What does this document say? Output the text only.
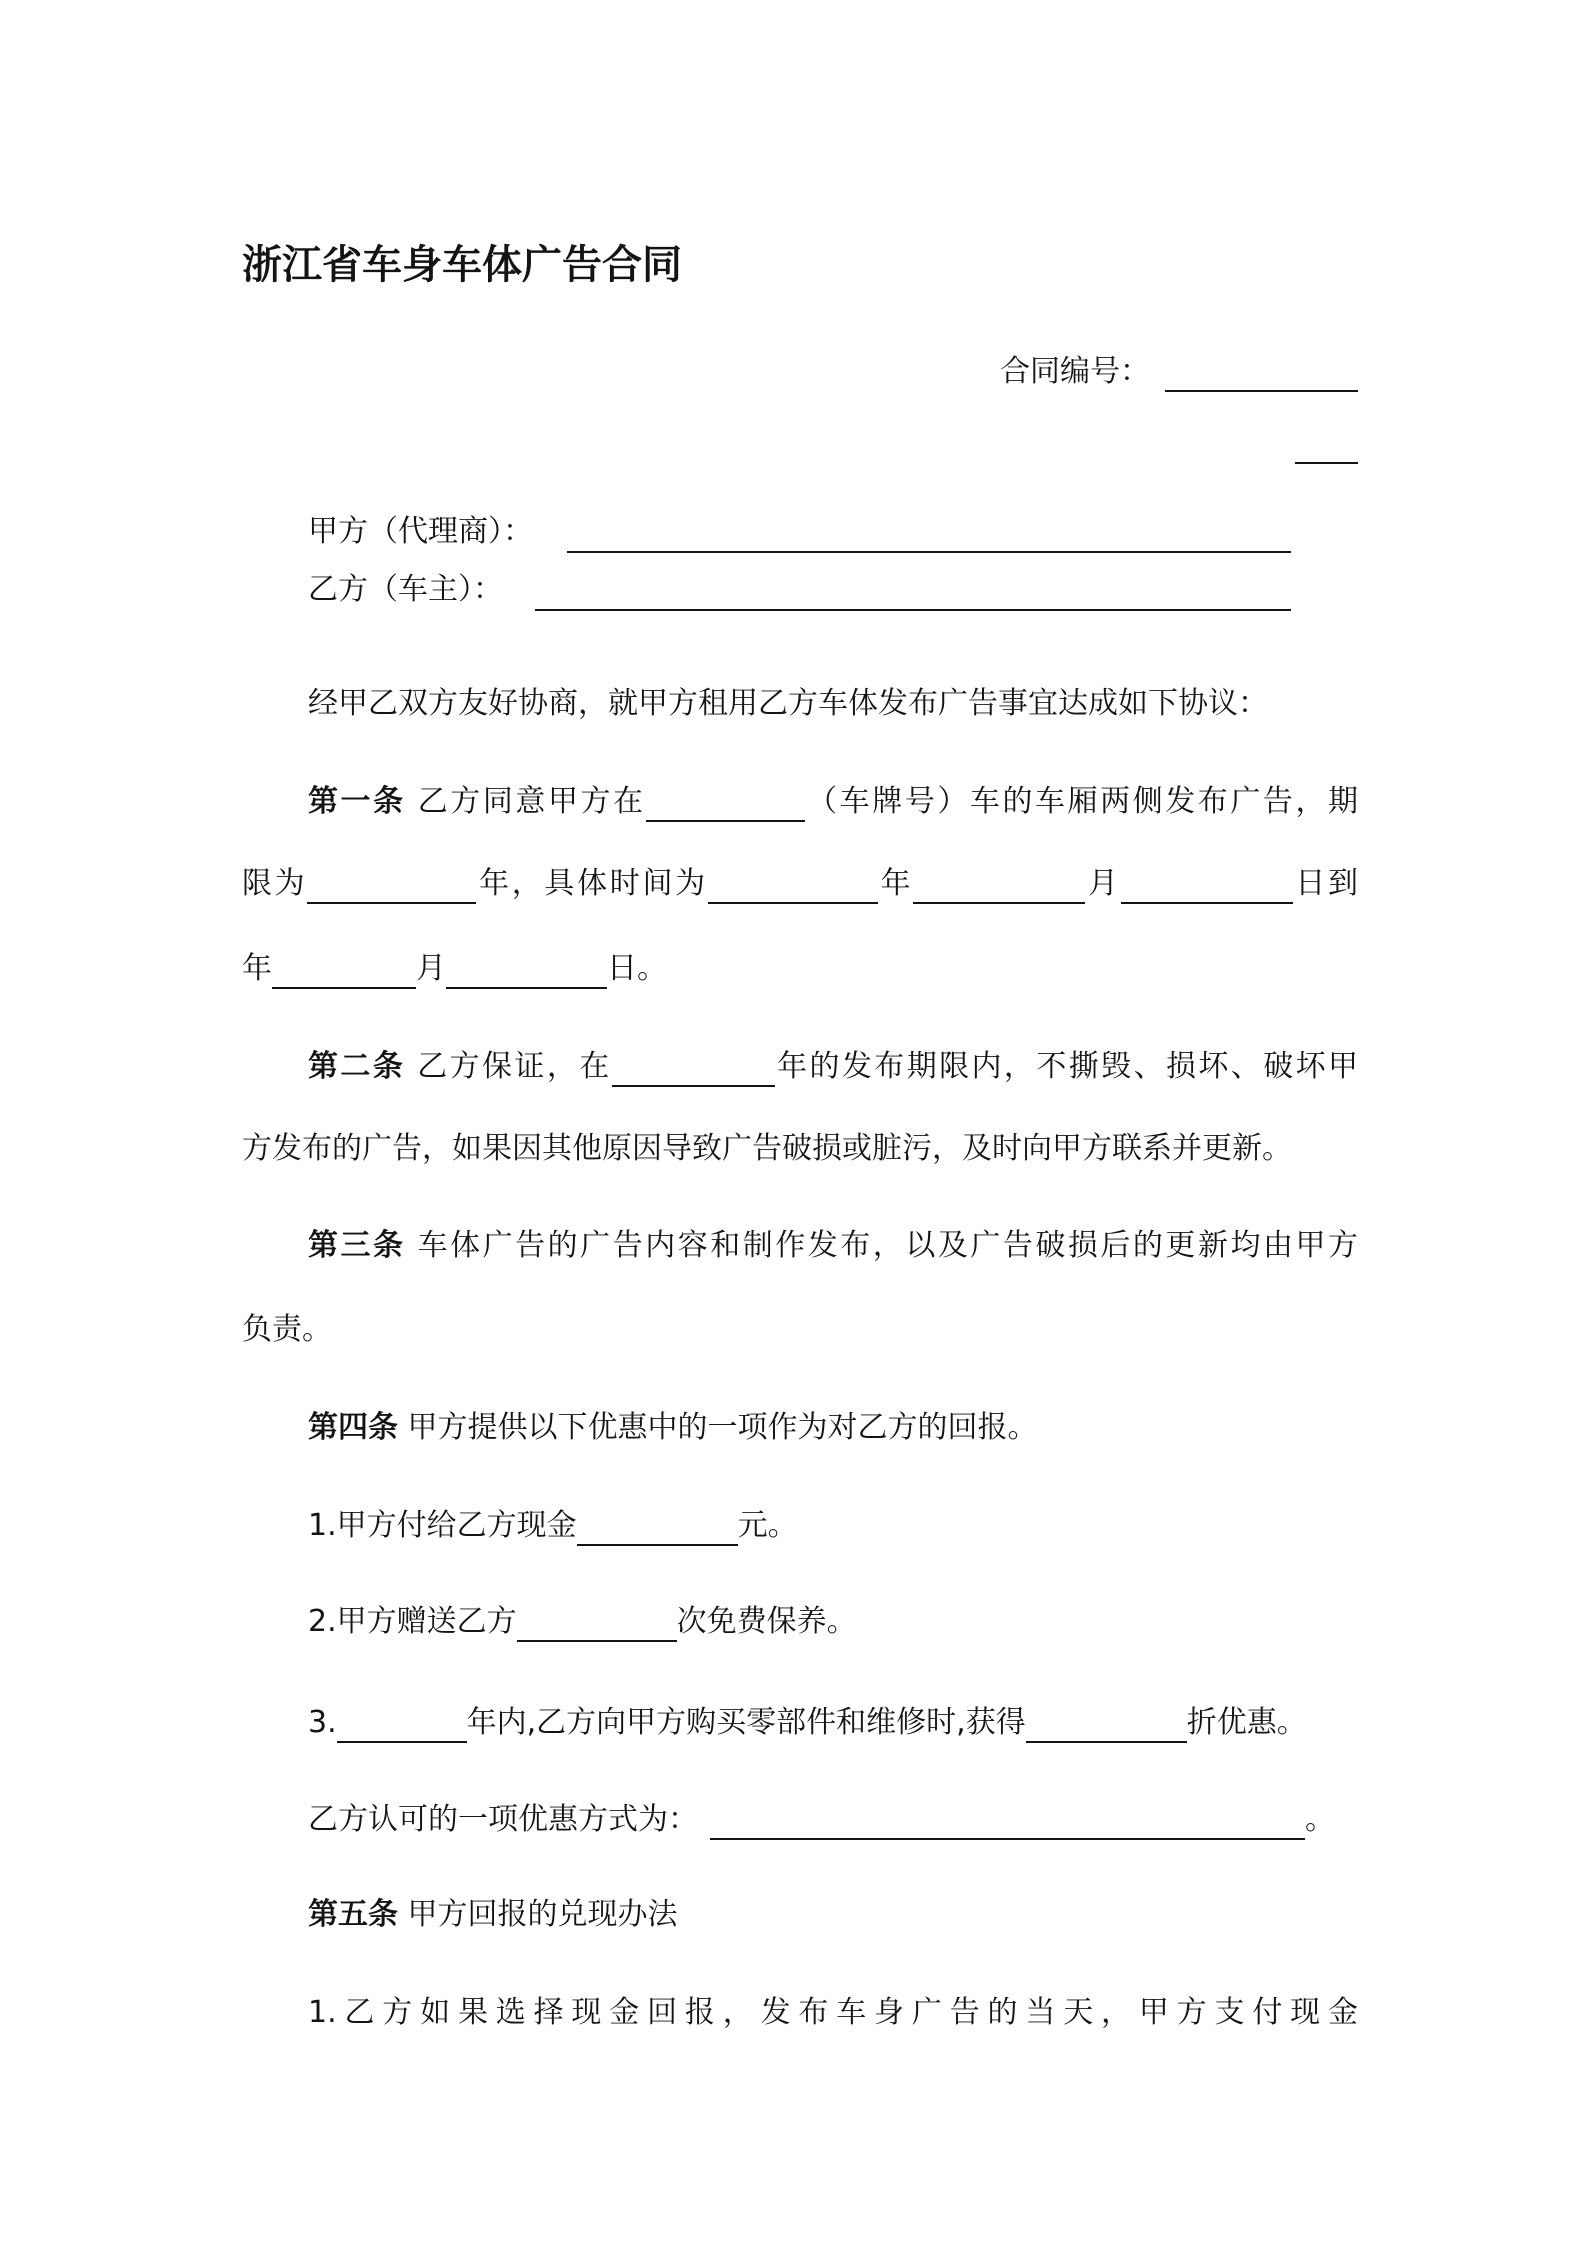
浙江省车身车体广告合同
合同编号：
甲方（代理商）：
乙方（车主）：
经甲乙双方友好协商，就甲方租用乙方车体发布广告事宜达成如下协议：
第一条 乙方同意甲方在	（车牌号）车的车厢两侧发布广告，期
限为	年，具体时间为	年	月	日到
年	月	日。
第二条 乙方保证，在	年的发布期限内，不撕毁、损坏、破坏甲
方发布的广告，如果因其他原因导致广告破损或脏污，及时向甲方联系并更新。
第三条 车体广告的广告内容和制作发布，以及广告破损后的更新均由甲方
负责。
第四条 甲方提供以下优惠中的一项作为对乙方的回报。
1.甲方付给乙方现金	元。
2.甲方赠送乙方	次免费保养。
3.	年内,乙方向甲方购买零部件和维修时,获得	折优惠。
乙方认可的一项优惠方式为：	。
第五条 甲方回报的兑现办法
1.乙方如果选择现金回报，发布车身广告的当天，甲方支付现金
